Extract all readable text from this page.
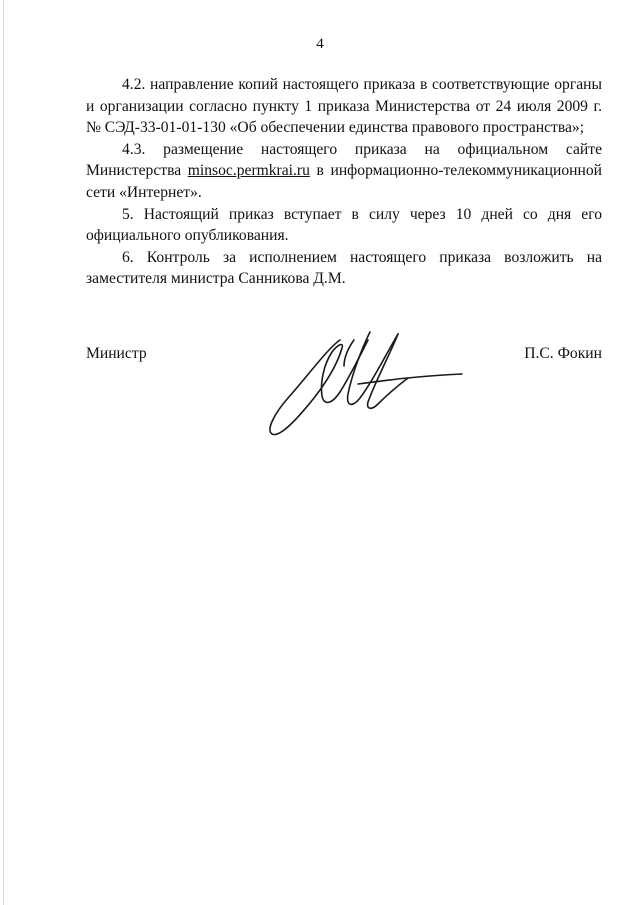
4

4.2. направление копий настоящего приказа в соответствующие органы и организации согласно пункту 1 приказа Министерства от 24 июля 2009 г. № СЭД-33-01-01-130 «Об обеспечении единства правового пространства»;

4.3. размещение настоящего приказа на официальном сайте Министерства minsoc.permkrai.ru в информационно-телекоммуникационной сети «Интернет».

5. Настоящий приказ вступает в силу через 10 дней со дня его официального опубликования.

6. Контроль за исполнением настоящего приказа возложить на заместителя министра Санникова Д.М.

Министр	П.С. Фокин
